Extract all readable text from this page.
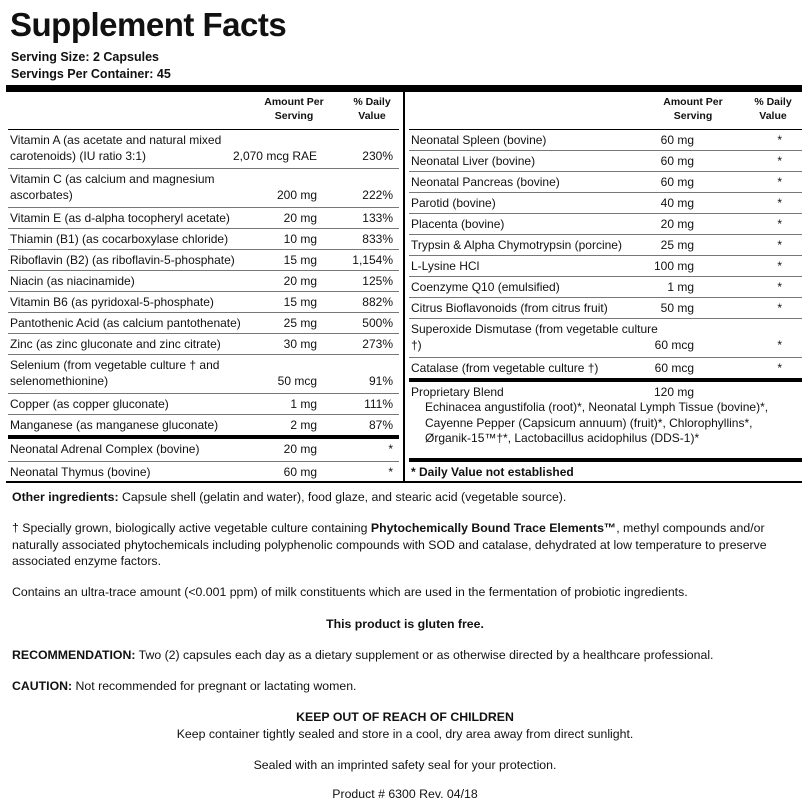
Supplement Facts
Serving Size: 2 Capsules
Servings Per Container: 45
Amount Per
Serving
% Daily
Value
Vitamin A (as acetate and natural mixed carotenoids) (IU ratio 3:1)	2,070 mcg RAE	230%
Vitamin C (as calcium and magnesium ascorbates)	200 mg	222%
Vitamin E (as d-alpha tocopheryl acetate)	20 mg	133%
Thiamin (B1) (as cocarboxylase chloride)	10 mg	833%
Riboflavin (B2) (as riboflavin-5-phosphate)	15 mg	1,154%
Niacin (as niacinamide)	20 mg	125%
Vitamin B6 (as pyridoxal-5-phosphate)	15 mg	882%
Pantothenic Acid (as calcium pantothenate)	25 mg	500%
Zinc (as zinc gluconate and zinc citrate)	30 mg	273%
Selenium (from vegetable culture † and selenomethionine)	50 mcg	91%
Copper (as copper gluconate)	1 mg	111%
Manganese (as manganese gluconate)	2 mg	87%
Neonatal Adrenal Complex (bovine)	20 mg	*
Neonatal Thymus (bovine)	60 mg	*
Amount Per
Serving
% Daily
Value
Neonatal Spleen (bovine)	60 mg	*
Neonatal Liver (bovine)	60 mg	*
Neonatal Pancreas (bovine)	60 mg	*
Parotid (bovine)	40 mg	*
Placenta (bovine)	20 mg	*
Trypsin & Alpha Chymotrypsin (porcine)	25 mg	*
L-Lysine HCl	100 mg	*
Coenzyme Q10 (emulsified)	1 mg	*
Citrus Bioflavonoids (from citrus fruit)	50 mg	*
Superoxide Dismutase (from vegetable culture †)	60 mcg	*
Catalase (from vegetable culture †)	60 mcg	*
Proprietary Blend	120 mg
Echinacea angustifolia (root)*, Neonatal Lymph Tissue (bovine)*, Cayenne Pepper (Capsicum annuum) (fruit)*, Chlorophyllins*, Ørganik-15™†*, Lactobacillus acidophilus (DDS-1)*
* Daily Value not established
Other ingredients: Capsule shell (gelatin and water), food glaze, and stearic acid (vegetable source).
† Specially grown, biologically active vegetable culture containing Phytochemically Bound Trace Elements™, methyl compounds and/or naturally associated phytochemicals including polyphenolic compounds with SOD and catalase, dehydrated at low temperature to preserve associated enzyme factors.
Contains an ultra-trace amount (<0.001 ppm) of milk constituents which are used in the fermentation of probiotic ingredients.
This product is gluten free.
RECOMMENDATION: Two (2) capsules each day as a dietary supplement or as otherwise directed by a healthcare professional.
CAUTION: Not recommended for pregnant or lactating women.
KEEP OUT OF REACH OF CHILDREN
Keep container tightly sealed and store in a cool, dry area away from direct sunlight.
Sealed with an imprinted safety seal for your protection.
Product # 6300 Rev. 04/18
